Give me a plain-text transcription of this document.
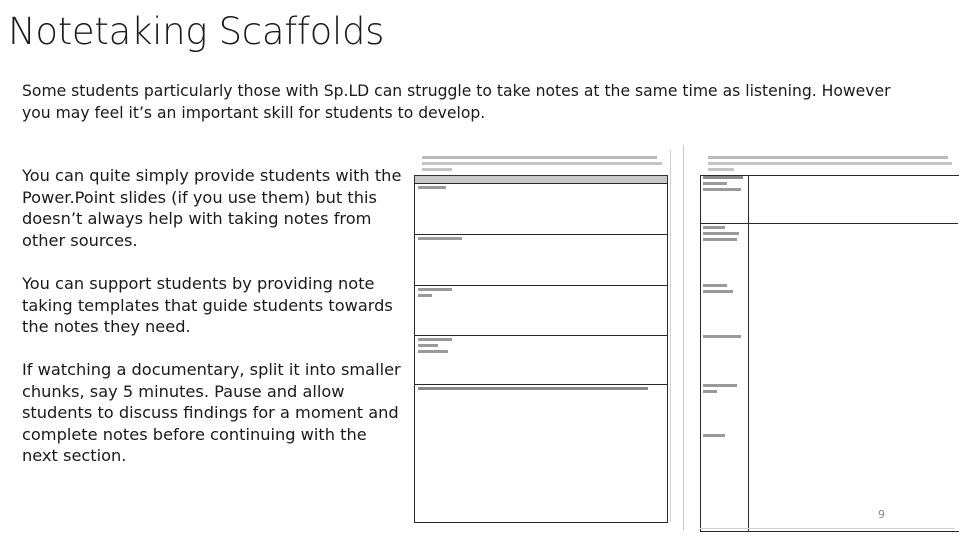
Notetaking Scaffolds
Some students particularly those with Sp.LD can struggle to take notes at the same time as listening. However you may feel it’s an important skill for students to develop.
You can quite simply provide students with the Power.Point slides (if you use them) but this doesn’t always help with taking notes from other sources.
You can support students by providing note taking templates that guide students towards the notes they need.
If watching a documentary, split it into smaller chunks, say 5 minutes. Pause and allow students to discuss findings for a moment and complete notes before continuing with the next section.
9
